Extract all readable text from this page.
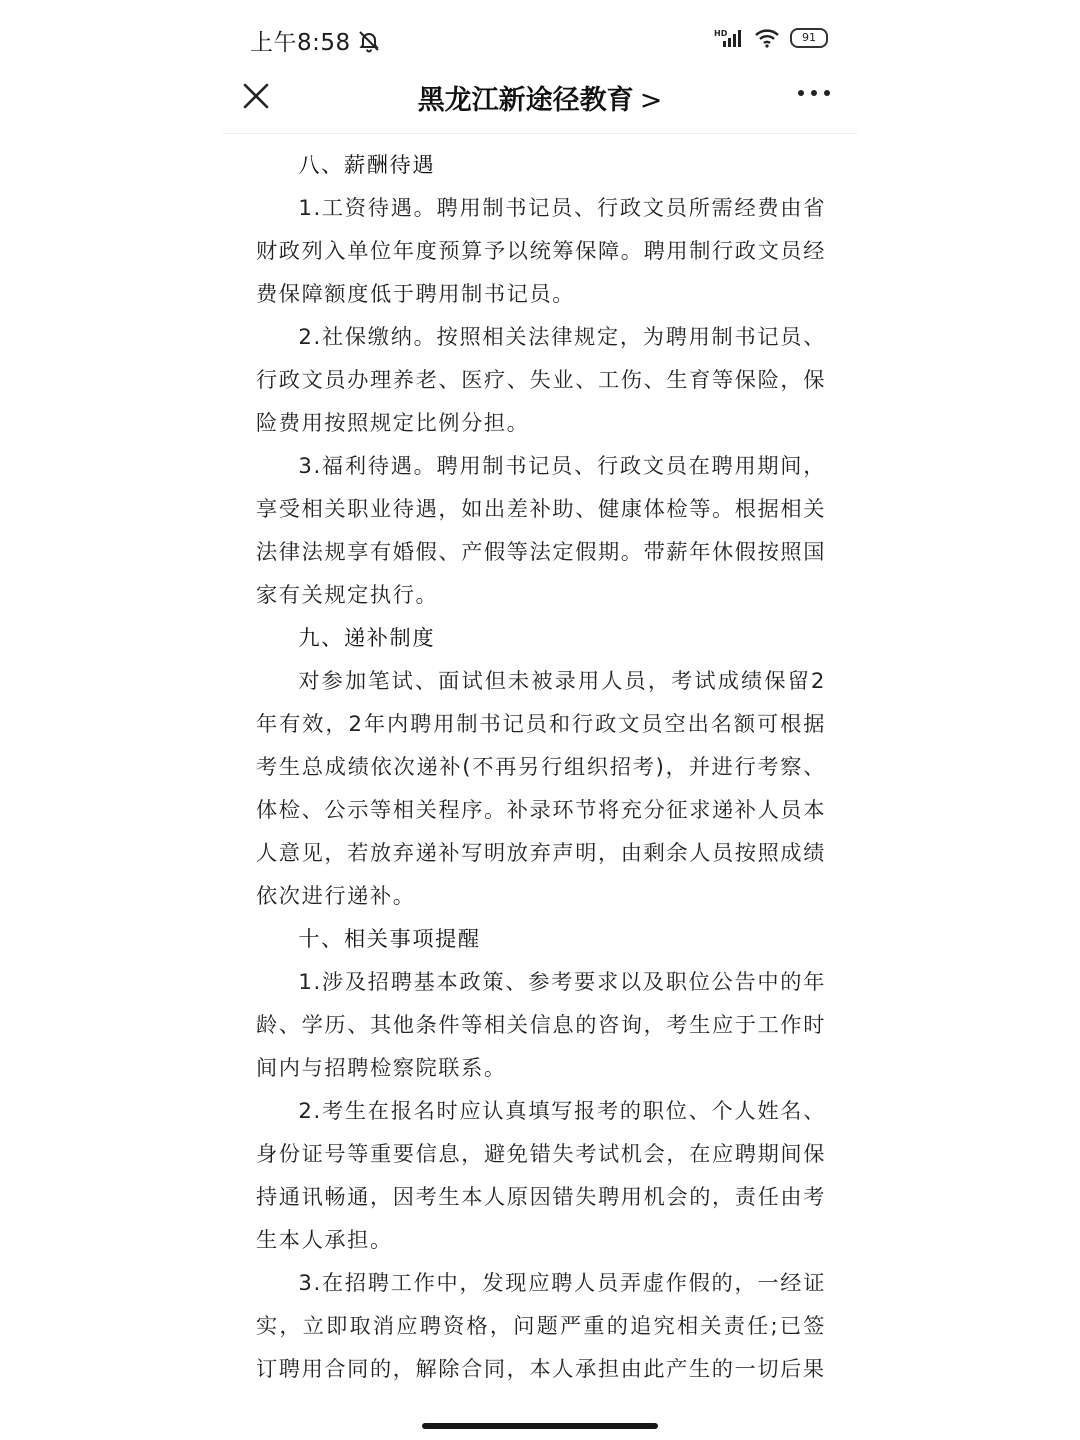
上午8:58	HD	91
黑龙江新途径教育 >

八、薪酬待遇

1.工资待遇。聘用制书记员、行政文员所需经费由省财政列入单位年度预算予以统筹保障。聘用制行政文员经费保障额度低于聘用制书记员。

2.社保缴纳。按照相关法律规定，为聘用制书记员、行政文员办理养老、医疗、失业、工伤、生育等保险，保险费用按照规定比例分担。

3.福利待遇。聘用制书记员、行政文员在聘用期间，享受相关职业待遇，如出差补助、健康体检等。根据相关法律法规享有婚假、产假等法定假期。带薪年休假按照国家有关规定执行。

九、递补制度

对参加笔试、面试但未被录用人员，考试成绩保留2年有效，2年内聘用制书记员和行政文员空出名额可根据考生总成绩依次递补(不再另行组织招考)，并进行考察、体检、公示等相关程序。补录环节将充分征求递补人员本人意见，若放弃递补写明放弃声明，由剩余人员按照成绩依次进行递补。

十、相关事项提醒

1.涉及招聘基本政策、参考要求以及职位公告中的年龄、学历、其他条件等相关信息的咨询，考生应于工作时间内与招聘检察院联系。

2.考生在报名时应认真填写报考的职位、个人姓名、身份证号等重要信息，避免错失考试机会，在应聘期间保持通讯畅通，因考生本人原因错失聘用机会的，责任由考生本人承担。

3.在招聘工作中，发现应聘人员弄虚作假的，一经证实，立即取消应聘资格，问题严重的追究相关责任;已签订聘用合同的，解除合同，本人承担由此产生的一切后果
